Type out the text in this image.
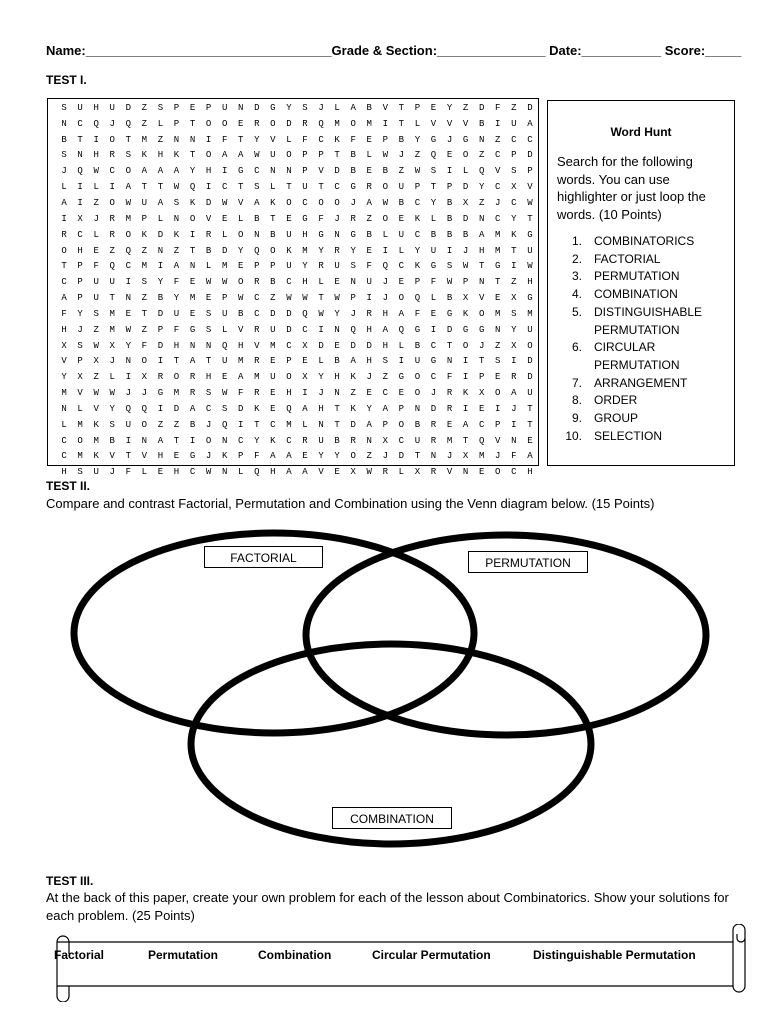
Name:__________________________________Grade & Section:_______________ Date:___________ Score:_____
TEST I.
S	U	H	U	D	Z	S	P	E	P	U	N	D	G	Y	S	J	L	A	B	V	T	P	E	Y	Z	D	F	Z	D
N	C	Q	J	Q	Z	L	P	T	O	O	E	R	O	D	R	Q	M	O	M	I	T	L	V	V	V	B	I	U	A
B	T	I	O	T	M	Z	N	N	I	F	T	Y	V	L	F	C	K	F	E	P	B	Y	G	J	G	N	Z	C	C
S	N	H	R	S	K	H	K	T	O	A	A	W	U	O	P	P	T	B	L	W	J	Z	Q	E	O	Z	C	P	D
J	Q	W	C	O	A	A	A	Y	H	I	G	C	N	N	P	V	D	B	E	B	Z	W	S	I	L	Q	V	S	P
L	I	L	I	A	T	T	W	Q	I	C	T	S	L	T	U	T	C	G	R	O	U	P	T	P	D	Y	C	X	V
A	I	Z	O	W	U	A	S	K	D	W	V	A	K	O	C	O	O	J	A	W	B	C	Y	B	X	Z	J	C	W
I	X	J	R	M	P	L	N	O	V	E	L	B	T	E	G	F	J	R	Z	O	E	K	L	B	D	N	C	Y	T
R	C	L	R	O	K	D	K	I	R	L	O	N	B	U	H	G	N	G	B	L	U	C	B	B	B	A	M	K	G
O	H	E	Z	Q	Z	N	Z	T	B	D	Y	Q	O	K	M	Y	R	Y	E	I	L	Y	U	I	J	H	M	T	U
T	P	F	Q	C	M	I	A	N	L	M	E	P	P	U	Y	R	U	S	F	Q	C	K	G	S	W	T	G	I	W
C	P	U	U	I	S	Y	F	E	W	W	O	R	B	C	H	L	E	N	U	J	E	P	F	W	P	N	T	Z	H
A	P	U	T	N	Z	B	Y	M	E	P	W	C	Z	W	W	T	W	P	I	J	O	Q	L	B	X	V	E	X	G
F	Y	S	M	E	T	D	U	E	S	U	B	C	D	D	Q	W	Y	J	R	H	A	F	E	G	K	O	M	S	M
H	J	Z	M	W	Z	P	F	G	S	L	V	R	U	D	C	I	N	Q	H	A	Q	G	I	D	G	G	N	Y	U
X	S	W	X	Y	F	D	H	N	N	Q	H	V	M	C	X	D	E	D	D	H	L	B	C	T	O	J	Z	X	O
V	P	X	J	N	O	I	T	A	T	U	M	R	E	P	E	L	B	A	H	S	I	U	G	N	I	T	S	I	D
Y	X	Z	L	I	X	R	O	R	H	E	A	M	U	O	X	Y	H	K	J	Z	G	O	C	F	I	P	E	R	D
M	V	W	W	J	J	G	M	R	S	W	F	R	E	H	I	J	N	Z	E	C	E	O	J	R	K	X	O	A	U
N	L	V	Y	Q	Q	I	D	A	C	S	D	K	E	Q	A	H	T	K	Y	A	P	N	D	R	I	E	I	J	T
L	M	K	S	U	O	Z	Z	B	J	Q	I	T	C	M	L	N	T	D	A	P	O	B	R	E	A	C	P	I	T
C	O	M	B	I	N	A	T	I	O	N	C	Y	K	C	R	U	B	R	N	X	C	U	R	M	T	Q	V	N	E
C	M	K	V	T	V	H	E	G	J	K	P	F	A	A	E	Y	Y	O	Z	J	D	T	N	J	X	M	J	F	A
H	S	U	J	F	L	E	H	C	W	N	L	Q	H	A	A	V	E	X	W	R	L	X	R	V	N	E	O	C	H
Word Hunt
Search for the following words. You can use highlighter or just loop the words. (10 Points)
1. COMBINATORICS
2. FACTORIAL
3. PERMUTATION
4. COMBINATION
5. DISTINGUISHABLE PERMUTATION
6. CIRCULAR PERMUTATION
7. ARRANGEMENT
8. ORDER
9. GROUP
10. SELECTION
TEST II.
Compare and contrast Factorial, Permutation and Combination using the Venn diagram below. (15 Points)
FACTORIAL	PERMUTATION
COMBINATION
TEST III.
At the back of this paper, create your own problem for each of the lesson about Combinatorics. Show your solutions for each problem. (25 Points)
Factorial	Permutation	Combination	Circular Permutation	Distinguishable Permutation
